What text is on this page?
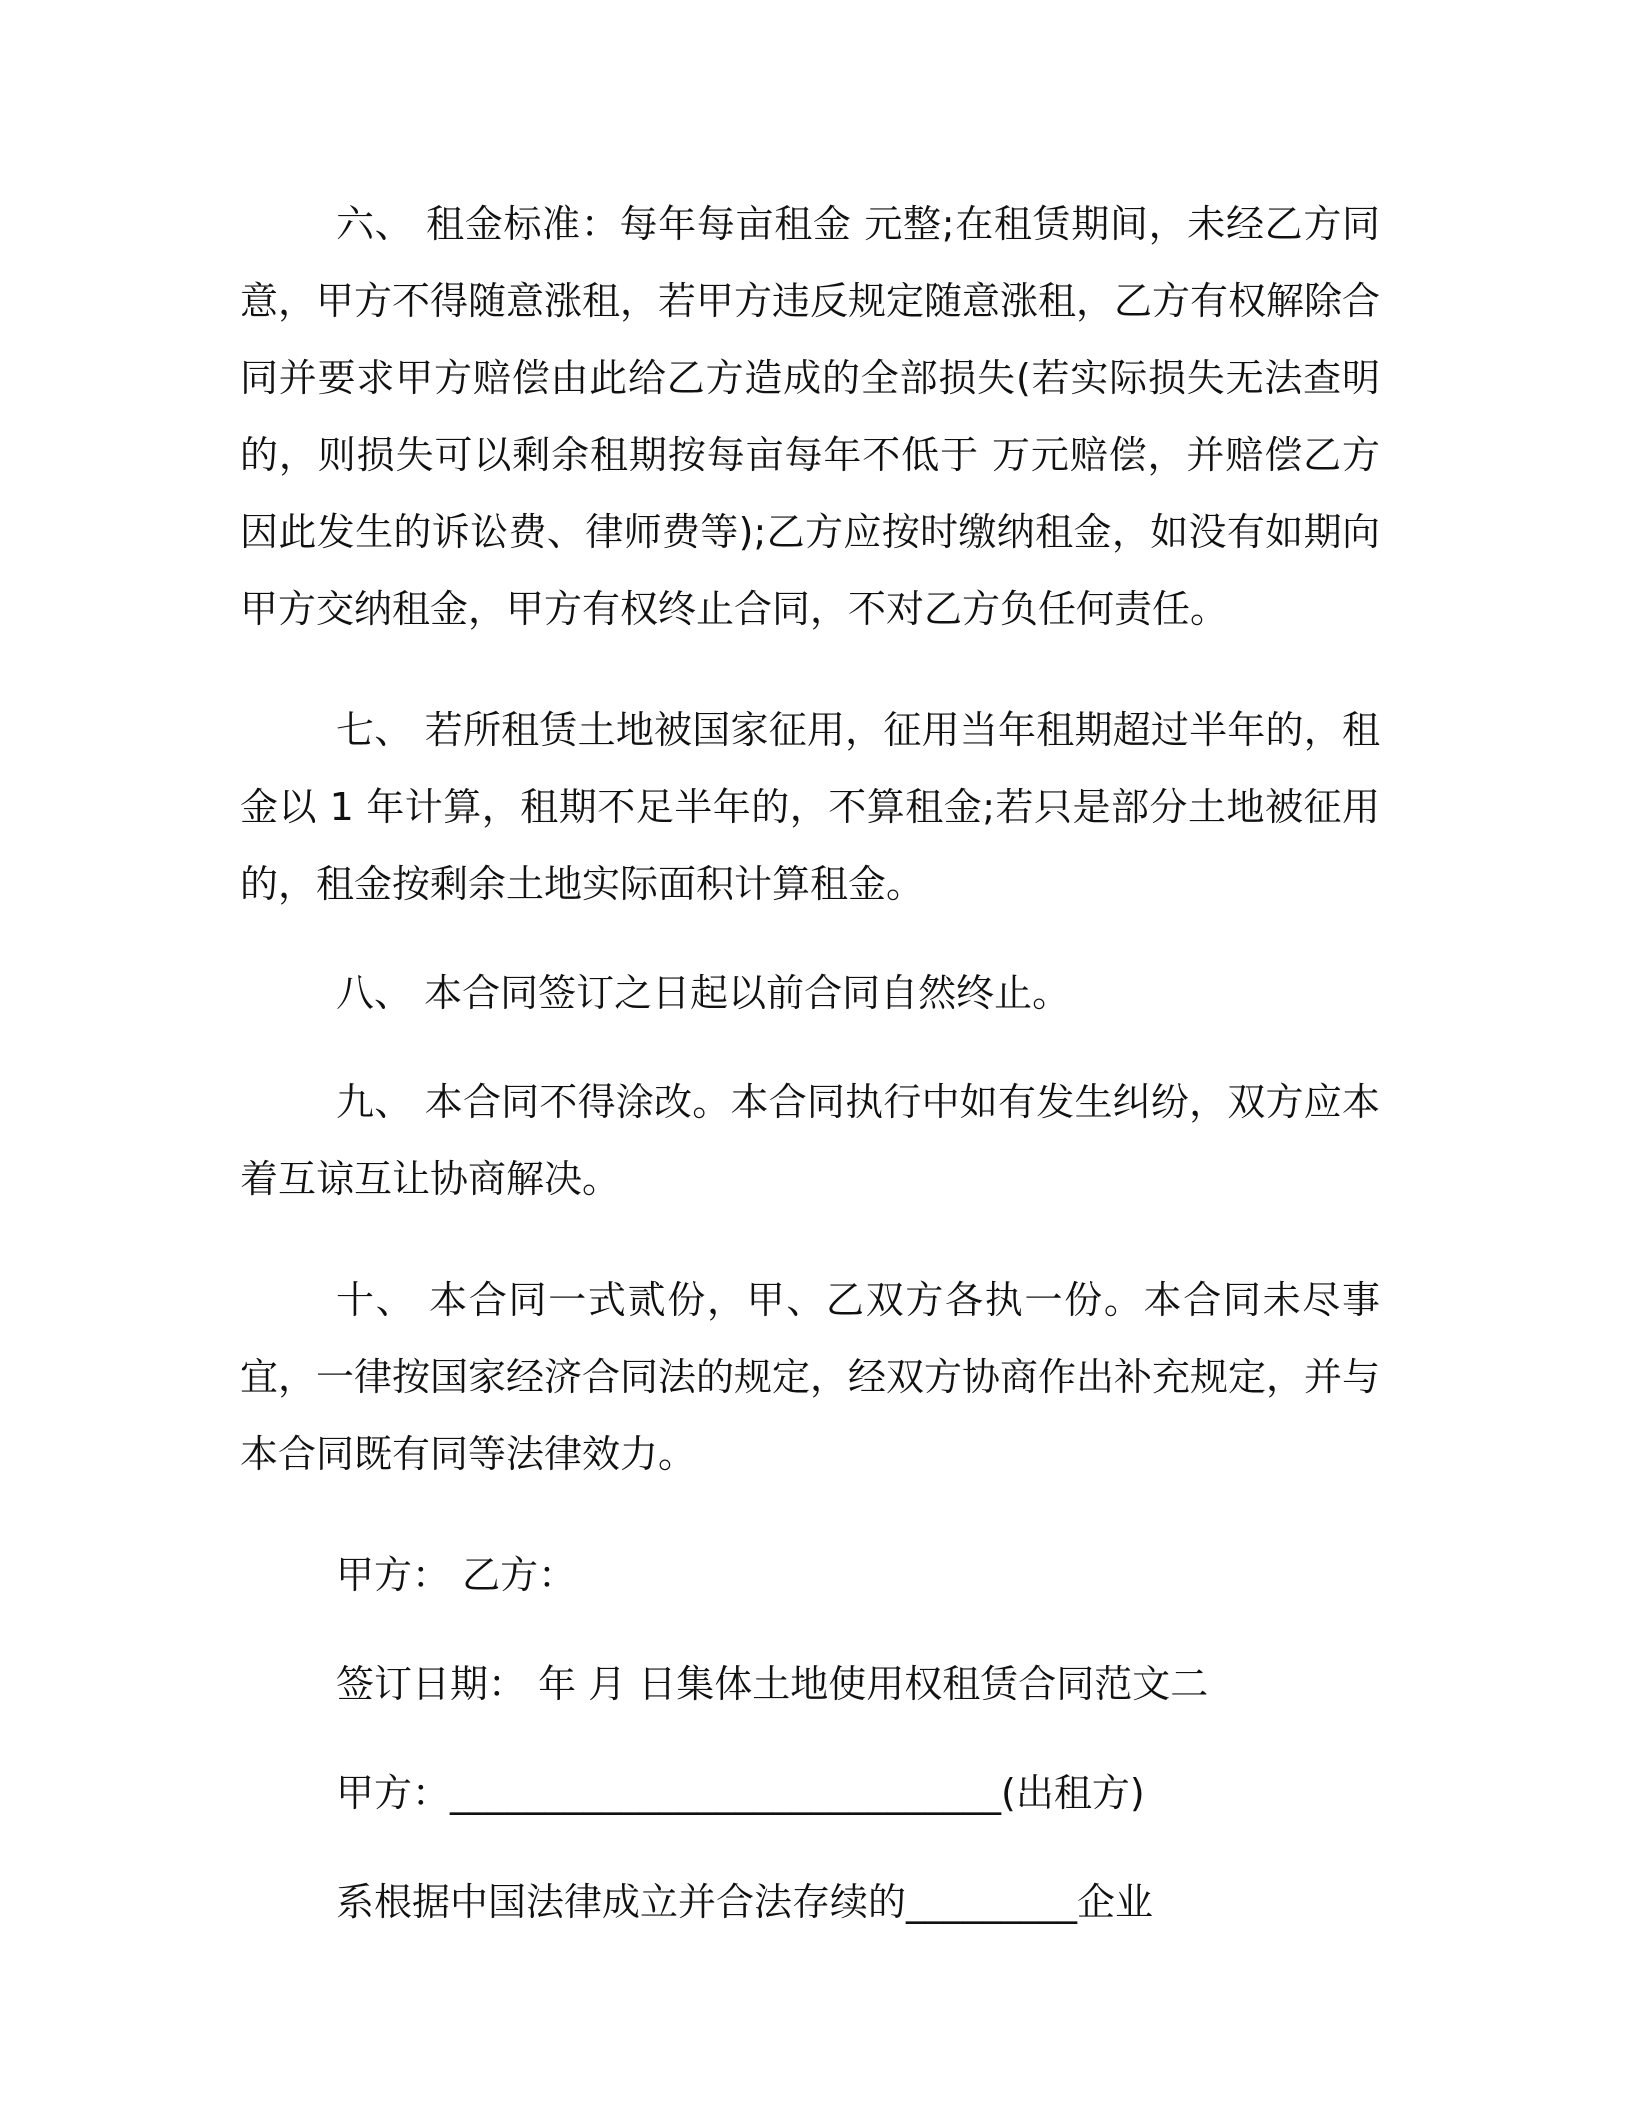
六、 租金标准：每年每亩租金 元整;在租赁期间，未经乙方同意，甲方不得随意涨租，若甲方违反规定随意涨租，乙方有权解除合同并要求甲方赔偿由此给乙方造成的全部损失(若实际损失无法查明的，则损失可以剩余租期按每亩每年不低于 万元赔偿，并赔偿乙方因此发生的诉讼费、律师费等);乙方应按时缴纳租金，如没有如期向甲方交纳租金，甲方有权终止合同，不对乙方负任何责任。

七、 若所租赁土地被国家征用，征用当年租期超过半年的，租金以 1 年计算，租期不足半年的，不算租金;若只是部分土地被征用的，租金按剩余土地实际面积计算租金。

八、 本合同签订之日起以前合同自然终止。

九、 本合同不得涂改。本合同执行中如有发生纠纷，双方应本着互谅互让协商解决。

十、 本合同一式贰份，甲、乙双方各执一份。本合同未尽事宜，一律按国家经济合同法的规定，经双方协商作出补充规定，并与本合同既有同等法律效力。

甲方： 乙方：

签订日期： 年 月 日集体土地使用权租赁合同范文二

甲方：_____________________________(出租方)

系根据中国法律成立并合法存续的_________企业
